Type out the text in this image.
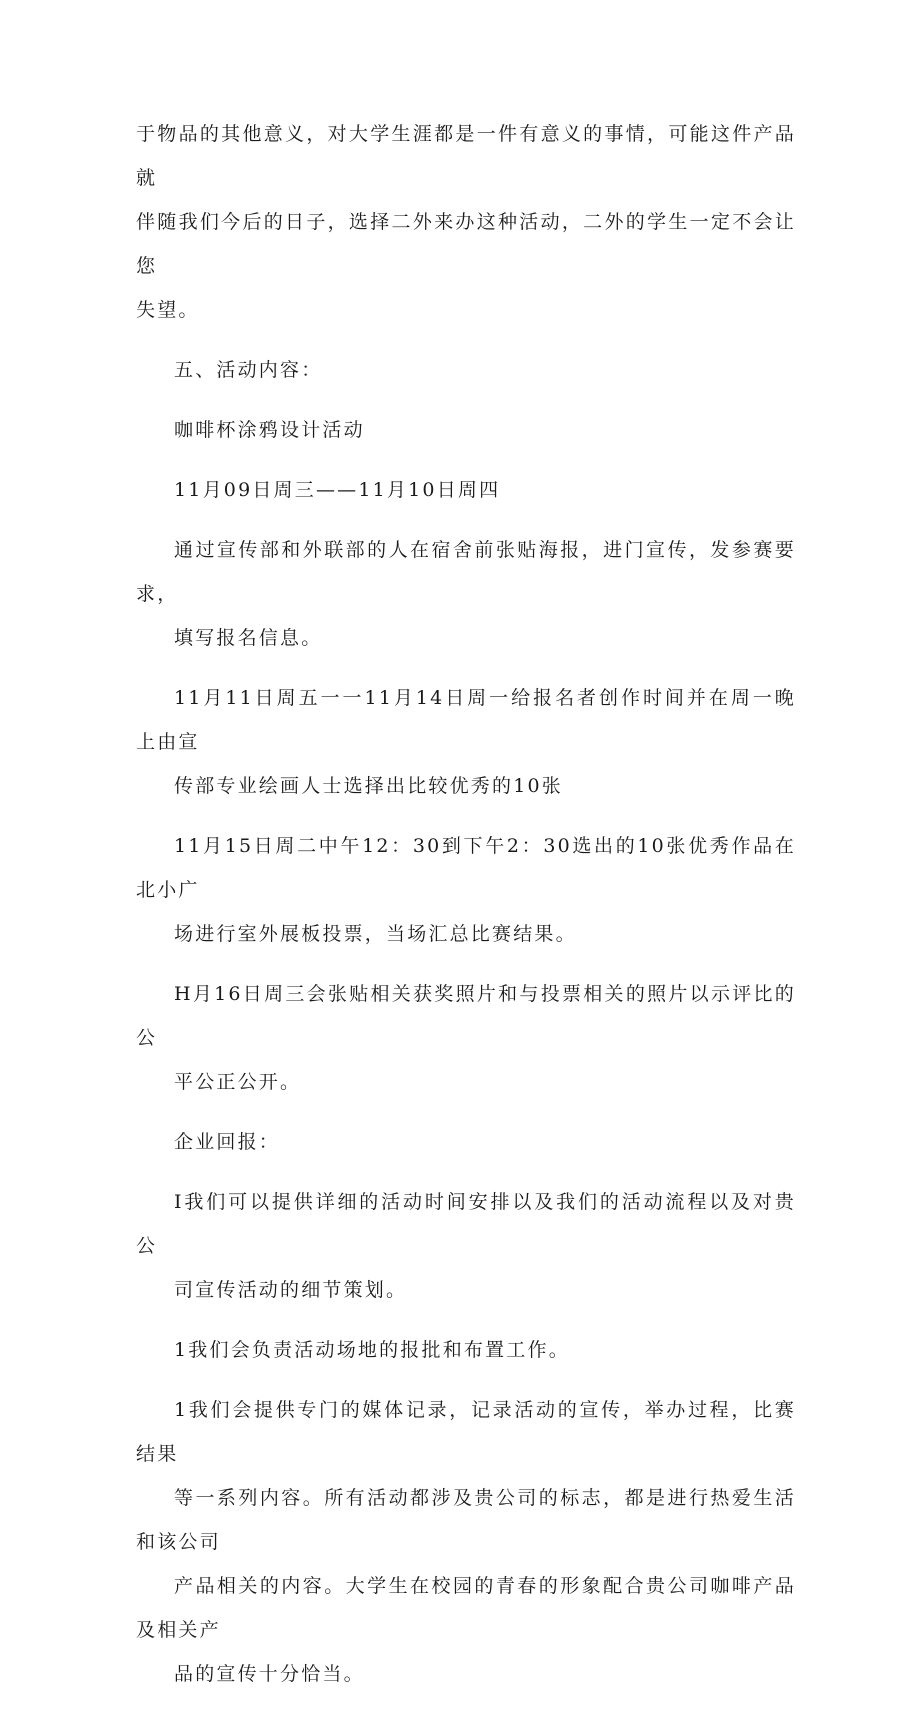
于物品的其他意义，对大学生涯都是一件有意义的事情，可能这件产品就
伴随我们今后的日子，选择二外来办这种活动，二外的学生一定不会让您
失望。

五、活动内容：

咖啡杯涂鸦设计活动

11月09日周三——11月10日周四

通过宣传部和外联部的人在宿舍前张贴海报，进门宣传，发参赛要求，
填写报名信息。

11月11日周五一一11月14日周一给报名者创作时间并在周一晚上由宣
传部专业绘画人士选择出比较优秀的10张

11月15日周二中午12：30到下午2：30选出的10张优秀作品在北小广
场进行室外展板投票，当场汇总比赛结果。

H月16日周三会张贴相关获奖照片和与投票相关的照片以示评比的公
平公正公开。

企业回报：

I我们可以提供详细的活动时间安排以及我们的活动流程以及对贵公
司宣传活动的细节策划。

1我们会负责活动场地的报批和布置工作。

1我们会提供专门的媒体记录，记录活动的宣传，举办过程，比赛结果
等一系列内容。所有活动都涉及贵公司的标志，都是进行热爱生活和该公司
产品相关的内容。大学生在校园的青春的形象配合贵公司咖啡产品及相关产
品的宣传十分恰当。
